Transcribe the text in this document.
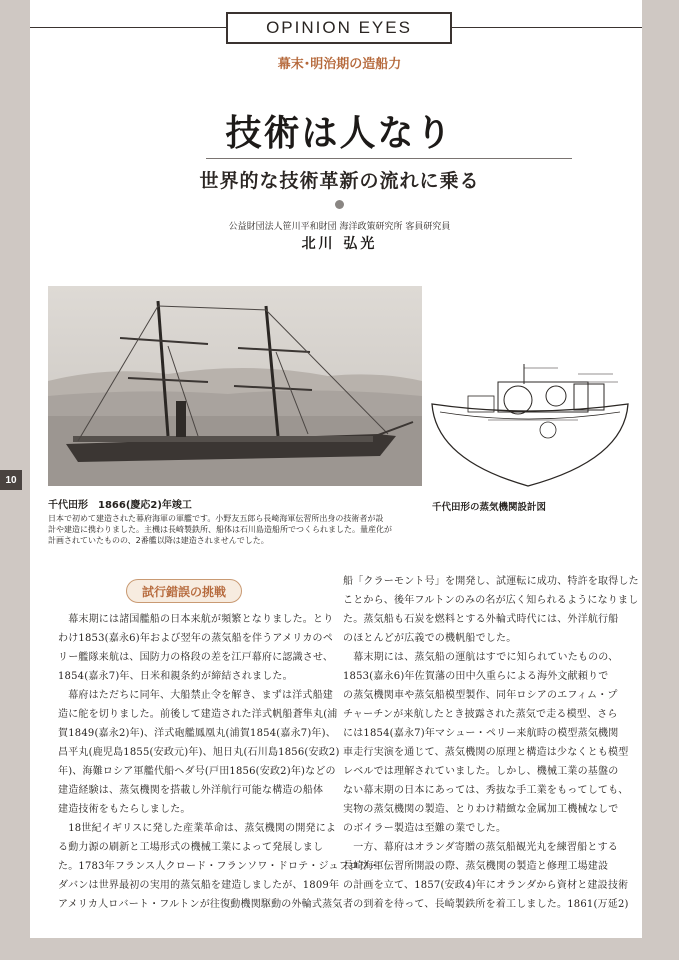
OPINION EYES
幕末･明治期の造船力
技術は人なり
世界的な技術革新の流れに乗る
公益財団法人笹川平和財団 海洋政策研究所 客員研究員
北川 弘光
10
千代田形　1866(慶応2)年竣工
日本で初めて建造された幕府海軍の軍艦です。小野友五郎ら長崎海軍伝習所出身の技術者が設
計や建造に携わりました。主機は長崎製鉄所、船体は石川島造船所でつくられました。量産化が
計画されていたものの、2番艦以降は建造されませんでした。
千代田形の蒸気機関設計図
試行錯誤の挑戦
　幕末期には諸国艦船の日本来航が頻繁となりました。とり
わけ1853(嘉永6)年および翌年の蒸気船を伴うアメリカのペ
リー艦隊来航は、国防力の格段の差を江戸幕府に認識させ、
1854(嘉永7)年、日米和親条約が締結されました。
　幕府はただちに同年、大船禁止令を解き、まずは洋式船建
造に舵を切りました。前後して建造された洋式帆船蒼隼丸(浦
賀1849(嘉永2)年)、洋式砲艦鳳凰丸(浦賀1854(嘉永7)年)、
昌平丸(鹿児島1855(安政元)年)、旭日丸(石川島1856(安政2)
年)、海難ロシア軍艦代船ヘダ号(戸田1856(安政2)年)などの
建造経験は、蒸気機関を搭載し外洋航行可能な構造の船体
建造技術をもたらしました。
　18世紀イギリスに発した産業革命は、蒸気機関の開発によ
る動力源の刷新と工場形式の機械工業によって発展しまし
た。1783年フランス人クロード・フランソワ・ドロテ・ジュフロワ・
ダバンは世界最初の実用的蒸気船を建造しましたが、1809年
アメリカ人ロバート・フルトンが往復動機関駆動の外輪式蒸気
船「クラーモント号」を開発し、試運転に成功、特許を取得した
ことから、後年フルトンのみの名が広く知られるようになりまし
た。蒸気船も石炭を燃料とする外輪式時代には、外洋航行船
のほとんどが広義での機帆船でした。
　幕末期には、蒸気船の運航はすでに知られていたものの、
1853(嘉永6)年佐賀藩の田中久重らによる海外文献頼りで
の蒸気機関車や蒸気船模型製作、同年ロシアのエフィム・プ
チャーチンが来航したとき披露された蒸気で走る模型、さら
には1854(嘉永7)年マシュー・ペリー来航時の模型蒸気機関
車走行実演を通じて、蒸気機関の原理と構造は少なくとも模型
レベルでは理解されていました。しかし、機械工業の基盤の
ない幕末期の日本にあっては、秀抜な手工業をもってしても、
実物の蒸気機関の製造、とりわけ精緻な金属加工機械なしで
のボイラー製造は至難の業でした。
　一方、幕府はオランダ寄贈の蒸気船観光丸を練習船とする
長崎海軍伝習所開設の際、蒸気機関の製造と修理工場建設
の計画を立て、1857(安政4)年にオランダから資材と建設技術
者の到着を待って、長崎製鉄所を着工しました。1861(万延2)
